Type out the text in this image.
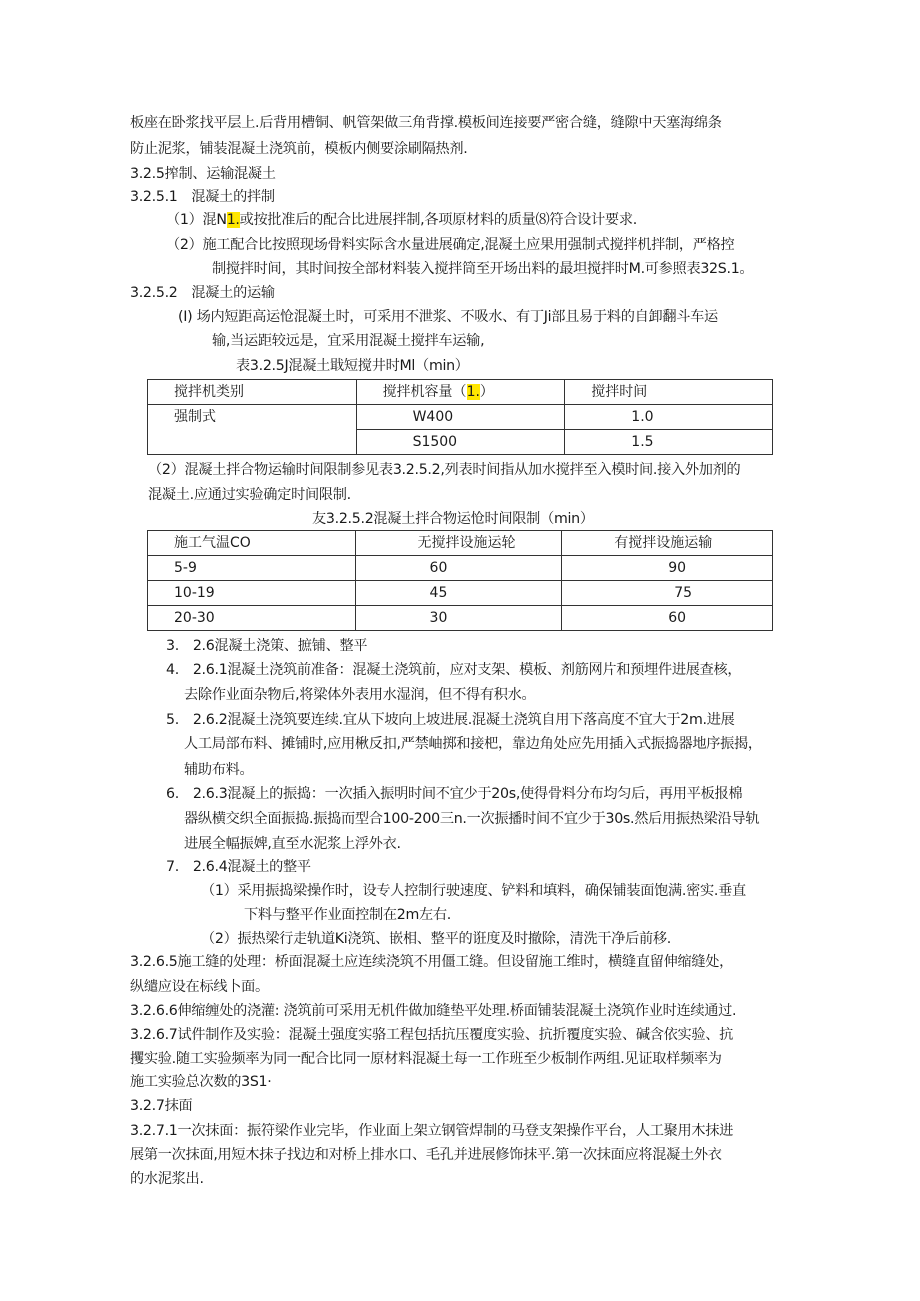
板座在卧浆找平层上.后背用槽铜、帆管架做三角背撑.模板间连接要严密合缝，缝隙中天塞海绵条
防止泥浆，铺装混凝土浇筑前，模板内侧要涂刷隔热剂.
3.2.5搾制、运输混凝土
3.2.5.1　混凝土的拌制
（1）混N1.或按批准后的配合比进展拌制,各项原材料的质量⑻符合设计要求.
（2）施工配合比按照现场骨料实际含水量进展确定,混凝土应果用强制式搅拌机拌制，严格控
制搅拌时间，其时间按全部材料装入搅拌筒至开场出料的最坦搅拌时M.可参照表32S.1。
3.2.5.2　混凝土的运输
(I) 场内短距高运怆混凝土时，可采用不泄浆、不吸水、有丁Ji部且易于料的自卸翻斗车运
输,当运距较远是，宜采用混凝土搅拌车运输,
表3.2.5J混凝土戢短搅井时Ml（min）
搅拌机类别	搅拌机容量（1.）	搅拌时间
强制式	W400	1.0
	S1500	1.5
（2）混凝土拌合物运输时间限制参见表3.2.5.2,列表时间指从加水搅拌至入模时间.接入外加剂的
混凝土.应通过实验确定时间限制.
友3.2.5.2混凝土拌合物运怆时间限制（min）
施工气温CO	无搅拌设施运轮	有搅拌设施运输
5-9	60	90
10-19	45	75
20-30	30	60
3.　2.6混凝土浇策、摭铺、整平
4.　2.6.1混凝土浇筑前准备：混凝土浇筑前，应对支架、模板、剂筋网片和预埋件进展查核，
去除作业面杂物后,将梁体外表用水湿润，但不得有积水。
5.　2.6.2混凝土浇筑要连续.宜从下坡向上坡进展.混凝土浇筑自用下落高度不宜大于2m.进展
人工局部布料、摊铺时,应用楸反扣,严禁岫掷和接杷，靠边角处应先用插入式振捣器地序振揭，
辅助布料。
6.　2.6.3混凝上的振捣：一次插入振明时间不宜少于20s,使得骨料分布均匀后，再用平板报棉
器纵横交织全面振捣.振捣而型合100-200三n.一次振播时间不宜少于30s.然后用振热梁沿导轨
进展全幅振婢,直至水泥浆上浮外衣.
7.　2.6.4混凝土的整平
（1）采用振捣梁操作时，设专人控制行驶速度、铲料和填料，确保铺装面饱满.密实.垂直
下料与整平作业面控制在2m左右.
（2）振热梁行走轨道Ki浇筑、嵌相、整平的诳度及时撤除，清洗干净后前移.
3.2.6.5施工缝的处理：桥面混凝土应连续浇筑不用僵工缝。但设留施工维时，横缝直留伸缩缝处，
纵缱应设在标线卜面。
3.2.6.6伸缩缠处的浇灌: 浇筑前可采用无机件做加缝垫平处理.桥面铺装混凝土浇筑作业时连续通过.
3.2.6.7试件制作及实验：混凝土强度实骆工程包括抗压覆度实验、抗折覆度实验、碱含依实验、抗
攫实验.随工实验频率为同一配合比同一原材料混凝土每一工作班至少板制作两组.见证取样频率为
施工实验总次数的3S1·
3.2.7抹面
3.2.7.1一次抹面：振符梁作业完毕，作业面上架立钢管焊制的马登支架操作平台，人工聚用木抹进
展第一次抹面,用短木抹子找边和对桥上排水口、毛孔并进展修饰抹平.第一次抹面应将混凝土外衣
的水泥浆出.
